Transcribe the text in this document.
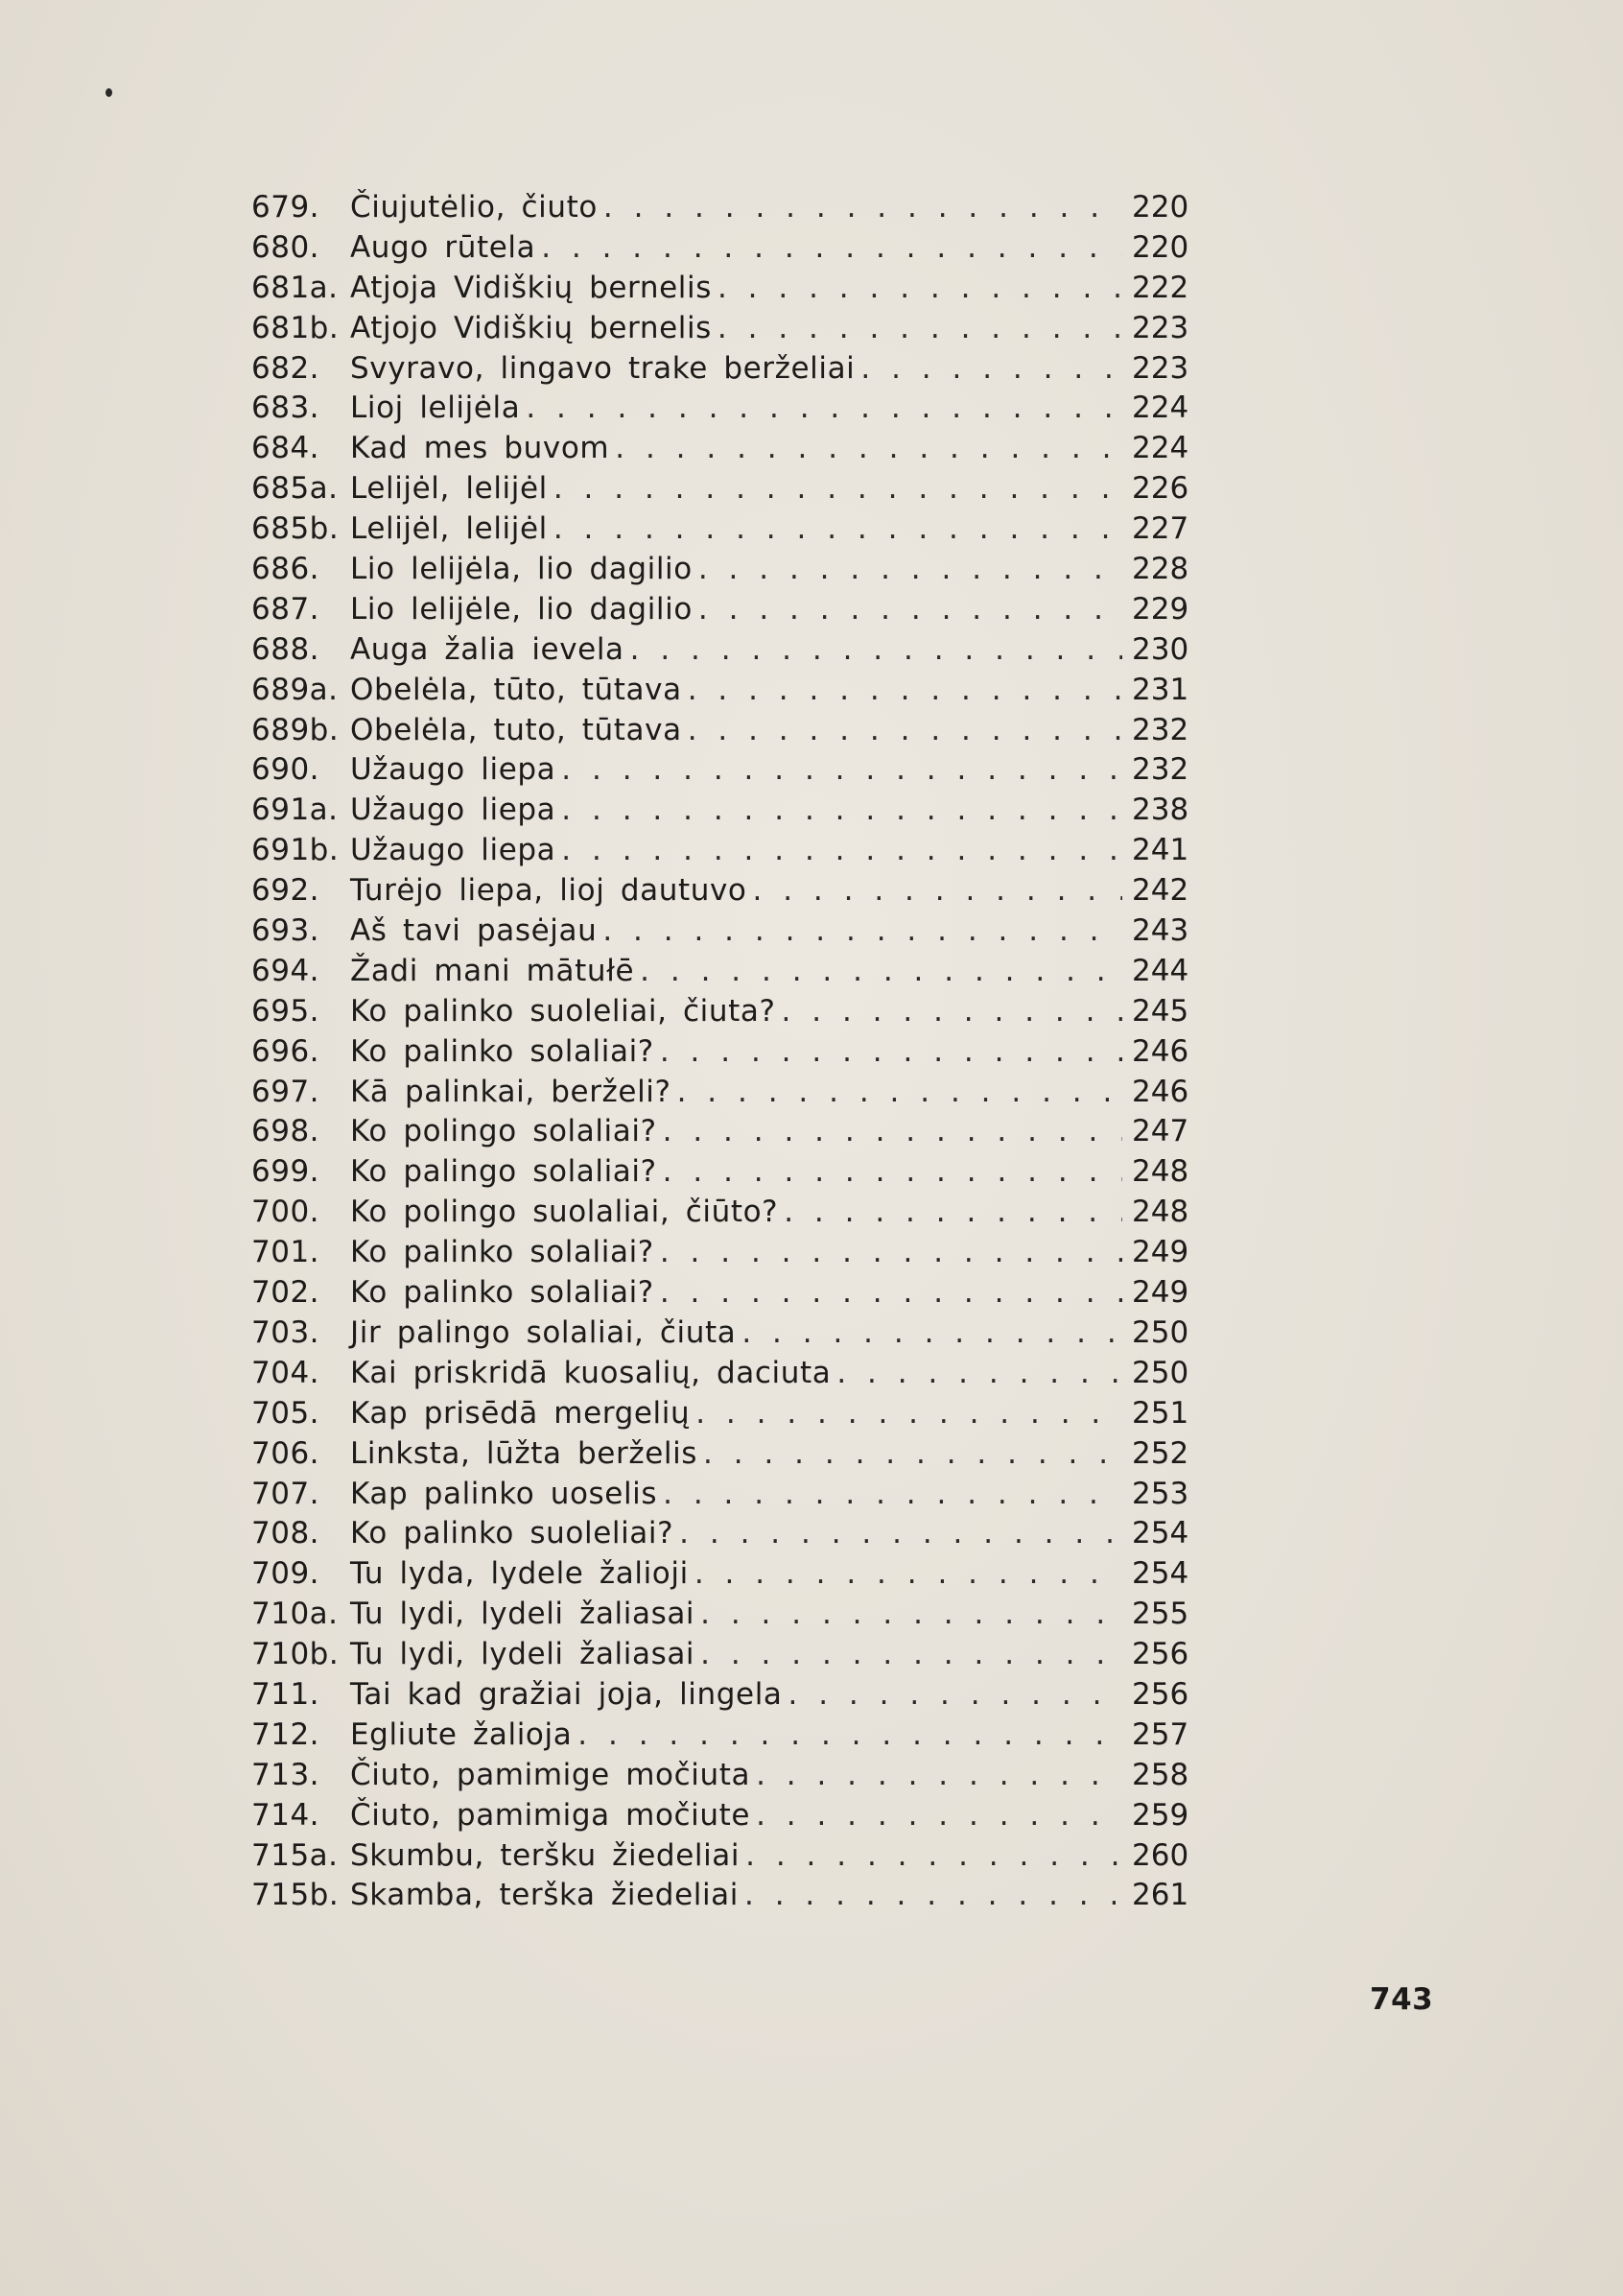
679.	Čiujutėlio, čiuto . . .	220
680.	Augo rūtela . . .	220
681a. Atjoja Vidiškių bernelis . . .	222
681b. Atjojo Vidiškių bernelis . . .	223
682.	Svyravo, lingavo trake berželiai . . .	223
683.	Lioj lelijėla . . .	224
684.	Kad mes buvom . . .	224
685a. Lelijėl, lelijėl . . .	226
685b. Lelijėl, lelijėl . . .	227
686.	Lio lelijėla, lio dagilio . . .	228
687.	Lio lelijėle, lio dagilio . . .	229
688.	Auga žalia ievela . . .	230
689a. Obelėla, tūto, tūtava . . .	231
689b. Obelėla, tuto, tūtava . . .	232
690.	Užaugo liepa . . .	232
691a. Užaugo liepa . . .	238
691b. Užaugo liepa . . .	241
692.	Turėjo liepa, lioj dautuvo . . .	242
693.	Aš tavi pasėjau . . .	243
694.	Žadi mani mātułē . . .	244
695.	Ko palinko suoleliai, čiuta? . . .	245
696.	Ko palinko solaliai? . . .	246
697.	Kā palinkai, berželi? . . .	246
698.	Ko polingo solaliai? . . .	247
699.	Ko palingo solaliai? . . .	248
700.	Ko polingo suolaliai, čiūto? . . .	248
701.	Ko palinko solaliai? . . .	249
702.	Ko palinko solaliai? . . .	249
703.	Jir palingo solaliai, čiuta . . .	250
704.	Kai priskridā kuosalių, daciuta . . .	250
705.	Kap prisēdā mergelių . . .	251
706.	Linksta, lūžta berželis . . .	252
707.	Kap palinko uoselis . . .	253
708.	Ko palinko suoleliai? . . .	254
709.	Tu lyda, lydele žalioji . . .	254
710a. Tu lydi, lydeli žaliasai . . .	255
710b. Tu lydi, lydeli žaliasai . . .	256
711.	Tai kad gražiai joja, lingela . . .	256
712.	Egliute žalioja . . .	257
713.	Čiuto, pamimige močiuta . . .	258
714.	Čiuto, pamimiga močiute . . .	259
715a. Skumbu, teršku žiedeliai . . .	260
715b. Skamba, terška žiedeliai . . .	261
743
